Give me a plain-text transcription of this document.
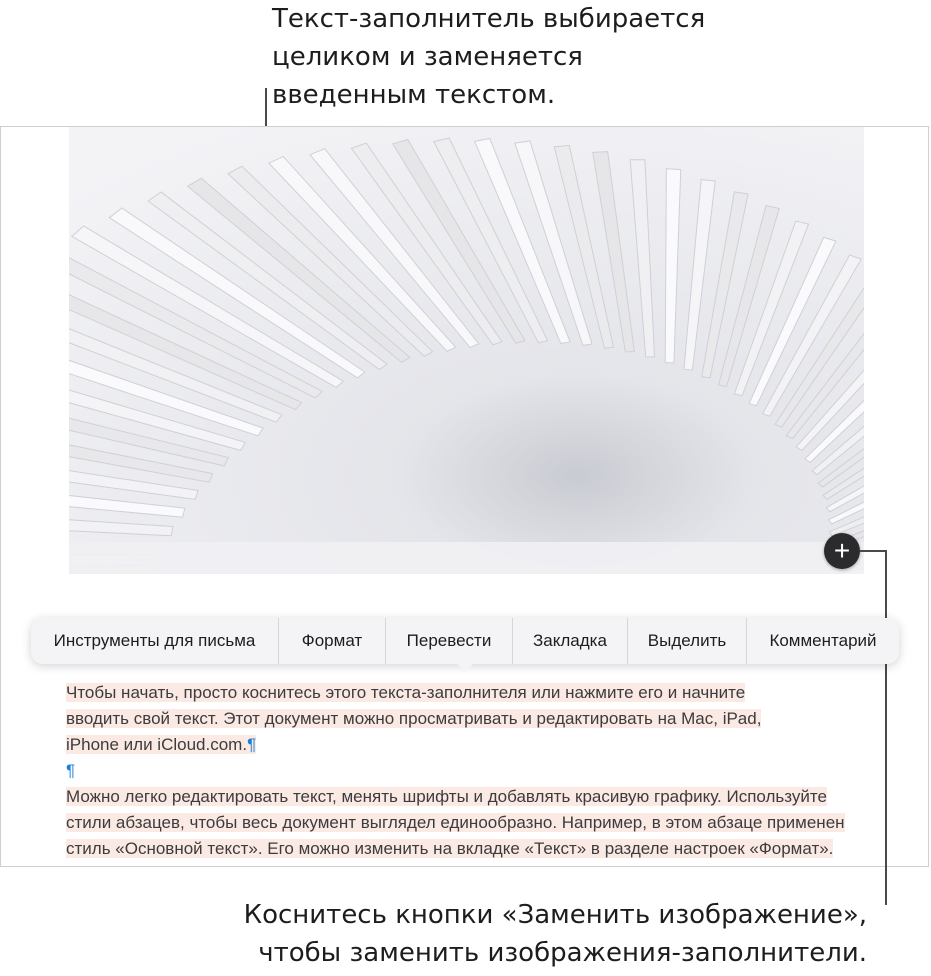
Текст-заполнитель выбирается
целиком и заменяется
введенным текстом.
+
Инструменты для письма	Формат	Перевести	Закладка	Выделить	Комментарий
Чтобы начать, просто коснитесь этого текста-заполнителя или нажмите его и начните
вводить свой текст. Этот документ можно просматривать и редактировать на Mac, iPad,
iPhone или iCloud.com.¶
¶
Можно легко редактировать текст, менять шрифты и добавлять красивую графику. Используйте
стили абзацев, чтобы весь документ выглядел единообразно. Например, в этом абзаце применен
стиль «Основной текст». Его можно изменить на вкладке «Текст» в разделе настроек «Формат».
Коснитесь кнопки «Заменить изображение»,
чтобы заменить изображения-заполнители.
